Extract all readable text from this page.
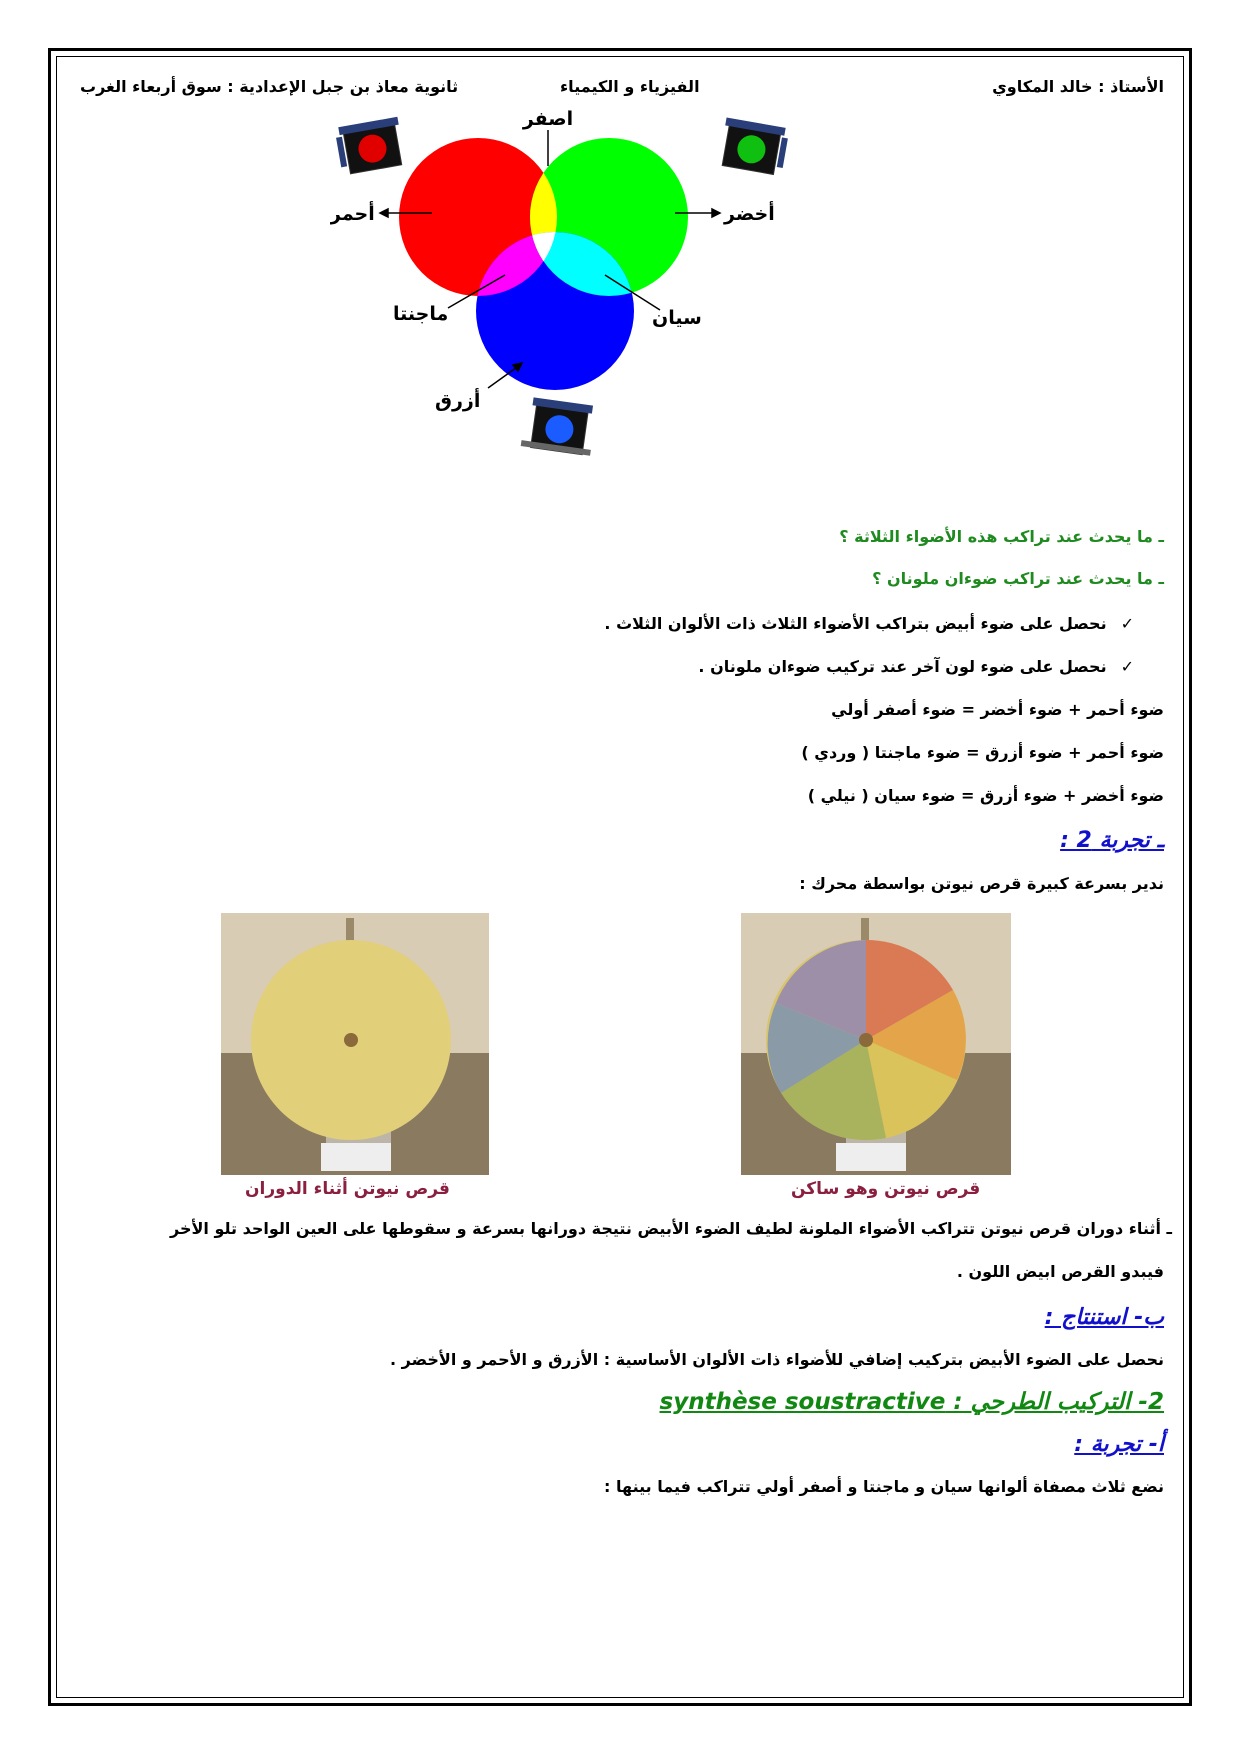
الأستاذ : خالد المكاوي
الفيزياء و الكيمياء
ثانوية معاذ بن جبل الإعدادية : سوق أربعاء الغرب
أصفر
أحمر	أخضر
ماجنتا	سيان
أزرق
ـ ما يحدث عند تراكب هذه الأضواء الثلاثة ؟
ـ ما يحدث عند تراكب ضوءان ملونان ؟
✓نحصل على ضوء أبيض بتراكب الأضواء الثلاث ذات الألوان الثلاث .
✓نحصل على ضوء لون آخر عند تركيب ضوءان ملونان .
ضوء أحمر + ضوء أخضر = ضوء أصفر أولي
ضوء أحمر + ضوء أزرق = ضوء ماجنتا ( وردي )
ضوء أخضر + ضوء أزرق = ضوء سيان ( نيلي )
ـ تجربة 2 :
ندير بسرعة كبيرة قرص نيوتن بواسطة محرك :
قرص نيوتن وهو ساكن
قرص نيوتن أثناء الدوران
ـ أثناء دوران قرص نيوتن تتراكب الأضواء الملونة لطيف الضوء الأبيض نتيجة دورانها بسرعة و سقوطها على العين الواحد تلو الأخر
فيبدو القرص ابيض اللون .
ب- استنتاج :
نحصل على الضوء الأبيض بتركيب إضافي للأضواء ذات الألوان الأساسية : الأزرق و الأحمر و الأخضر .
2- التركيب الطرحي : synthèse soustractive
أ- تجربة :
نضع ثلاث مصفاة ألوانها سيان و ماجنتا و أصفر أولي تتراكب فيما بينها :
